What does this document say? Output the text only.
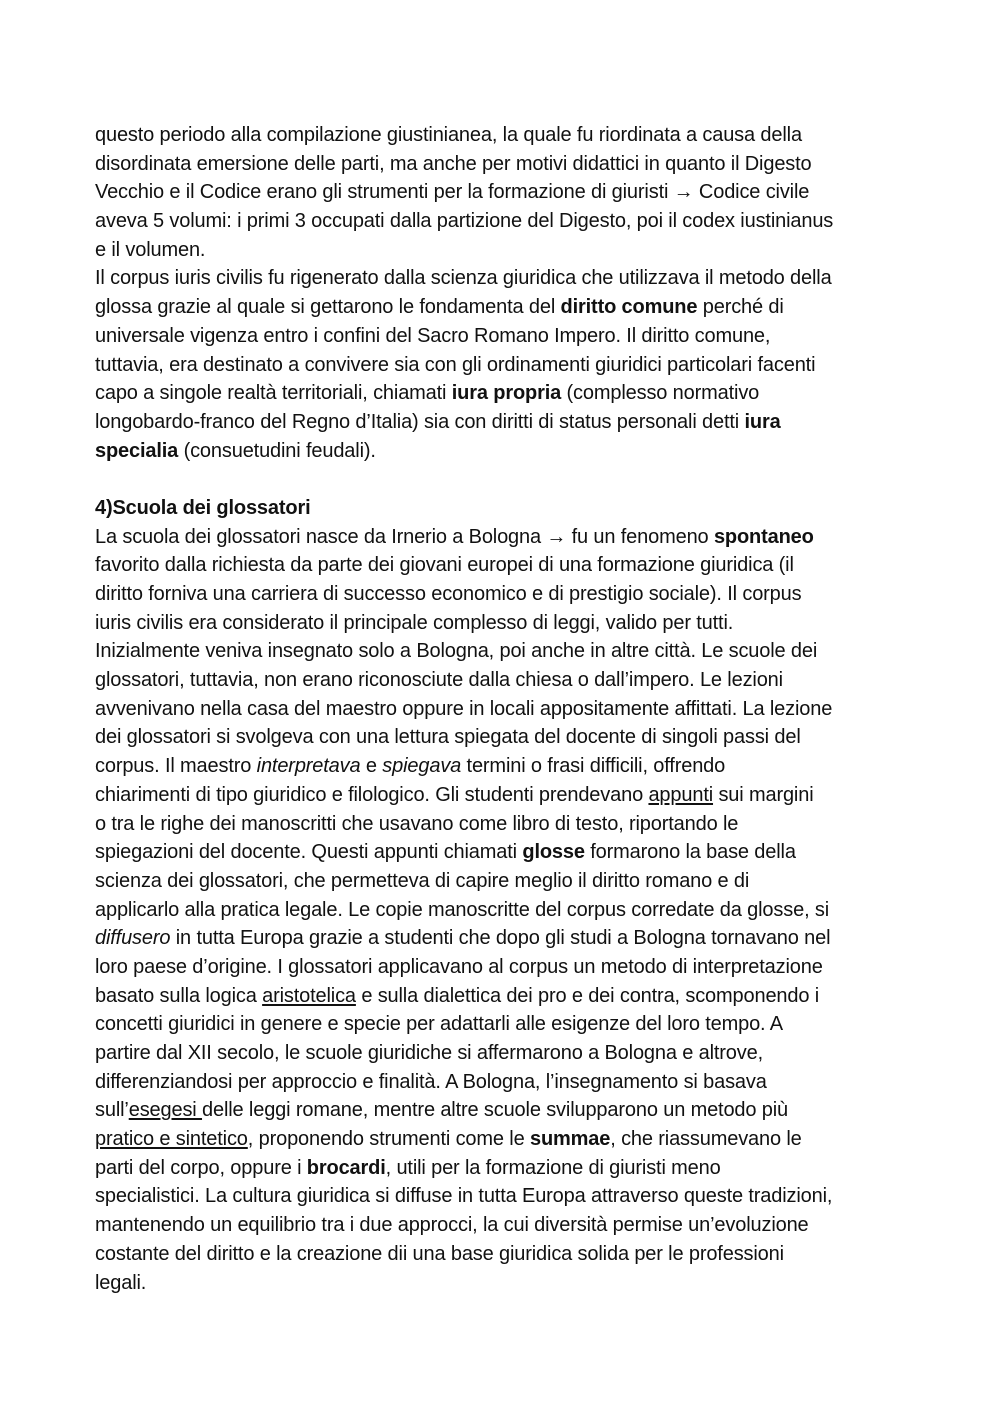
questo periodo alla compilazione giustinianea, la quale fu riordinata a causa della
disordinata emersione delle parti, ma anche per motivi didattici in quanto il Digesto
Vecchio e il Codice erano gli strumenti per la formazione di giuristi → Codice civile
aveva 5 volumi: i primi 3 occupati dalla partizione del Digesto, poi il codex iustinianus
e il volumen.
Il corpus iuris civilis fu rigenerato dalla scienza giuridica che utilizzava il metodo della
glossa grazie al quale si gettarono le fondamenta del diritto comune perché di
universale vigenza entro i confini del Sacro Romano Impero. Il diritto comune,
tuttavia, era destinato a convivere sia con gli ordinamenti giuridici particolari facenti
capo a singole realtà territoriali, chiamati iura propria (complesso normativo
longobardo-franco del Regno d’Italia) sia con diritti di status personali detti iura
specialia (consuetudini feudali).
4)Scuola dei glossatori
La scuola dei glossatori nasce da Irnerio a Bologna → fu un fenomeno spontaneo
favorito dalla richiesta da parte dei giovani europei di una formazione giuridica (il
diritto forniva una carriera di successo economico e di prestigio sociale). Il corpus
iuris civilis era considerato il principale complesso di leggi, valido per tutti.
Inizialmente veniva insegnato solo a Bologna, poi anche in altre città. Le scuole dei
glossatori, tuttavia, non erano riconosciute dalla chiesa o dall’impero. Le lezioni
avvenivano nella casa del maestro oppure in locali appositamente affittati. La lezione
dei glossatori si svolgeva con una lettura spiegata del docente di singoli passi del
corpus. Il maestro interpretava e spiegava termini o frasi difficili, offrendo
chiarimenti di tipo giuridico e filologico. Gli studenti prendevano appunti sui margini
o tra le righe dei manoscritti che usavano come libro di testo, riportando le
spiegazioni del docente. Questi appunti chiamati glosse formarono la base della
scienza dei glossatori, che permetteva di capire meglio il diritto romano e di
applicarlo alla pratica legale. Le copie manoscritte del corpus corredate da glosse, si
diffusero in tutta Europa grazie a studenti che dopo gli studi a Bologna tornavano nel
loro paese d’origine. I glossatori applicavano al corpus un metodo di interpretazione
basato sulla logica aristotelica e sulla dialettica dei pro e dei contra, scomponendo i
concetti giuridici in genere e specie per adattarli alle esigenze del loro tempo. A
partire dal XII secolo, le scuole giuridiche si affermarono a Bologna e altrove,
differenziandosi per approccio e finalità. A Bologna, l’insegnamento si basava
sull’esegesi delle leggi romane, mentre altre scuole svilupparono un metodo più
pratico e sintetico, proponendo strumenti come le summae, che riassumevano le
parti del corpo, oppure i brocardi, utili per la formazione di giuristi meno
specialistici. La cultura giuridica si diffuse in tutta Europa attraverso queste tradizioni,
mantenendo un equilibrio tra i due approcci, la cui diversità permise un’evoluzione
costante del diritto e la creazione dii una base giuridica solida per le professioni
legali.
